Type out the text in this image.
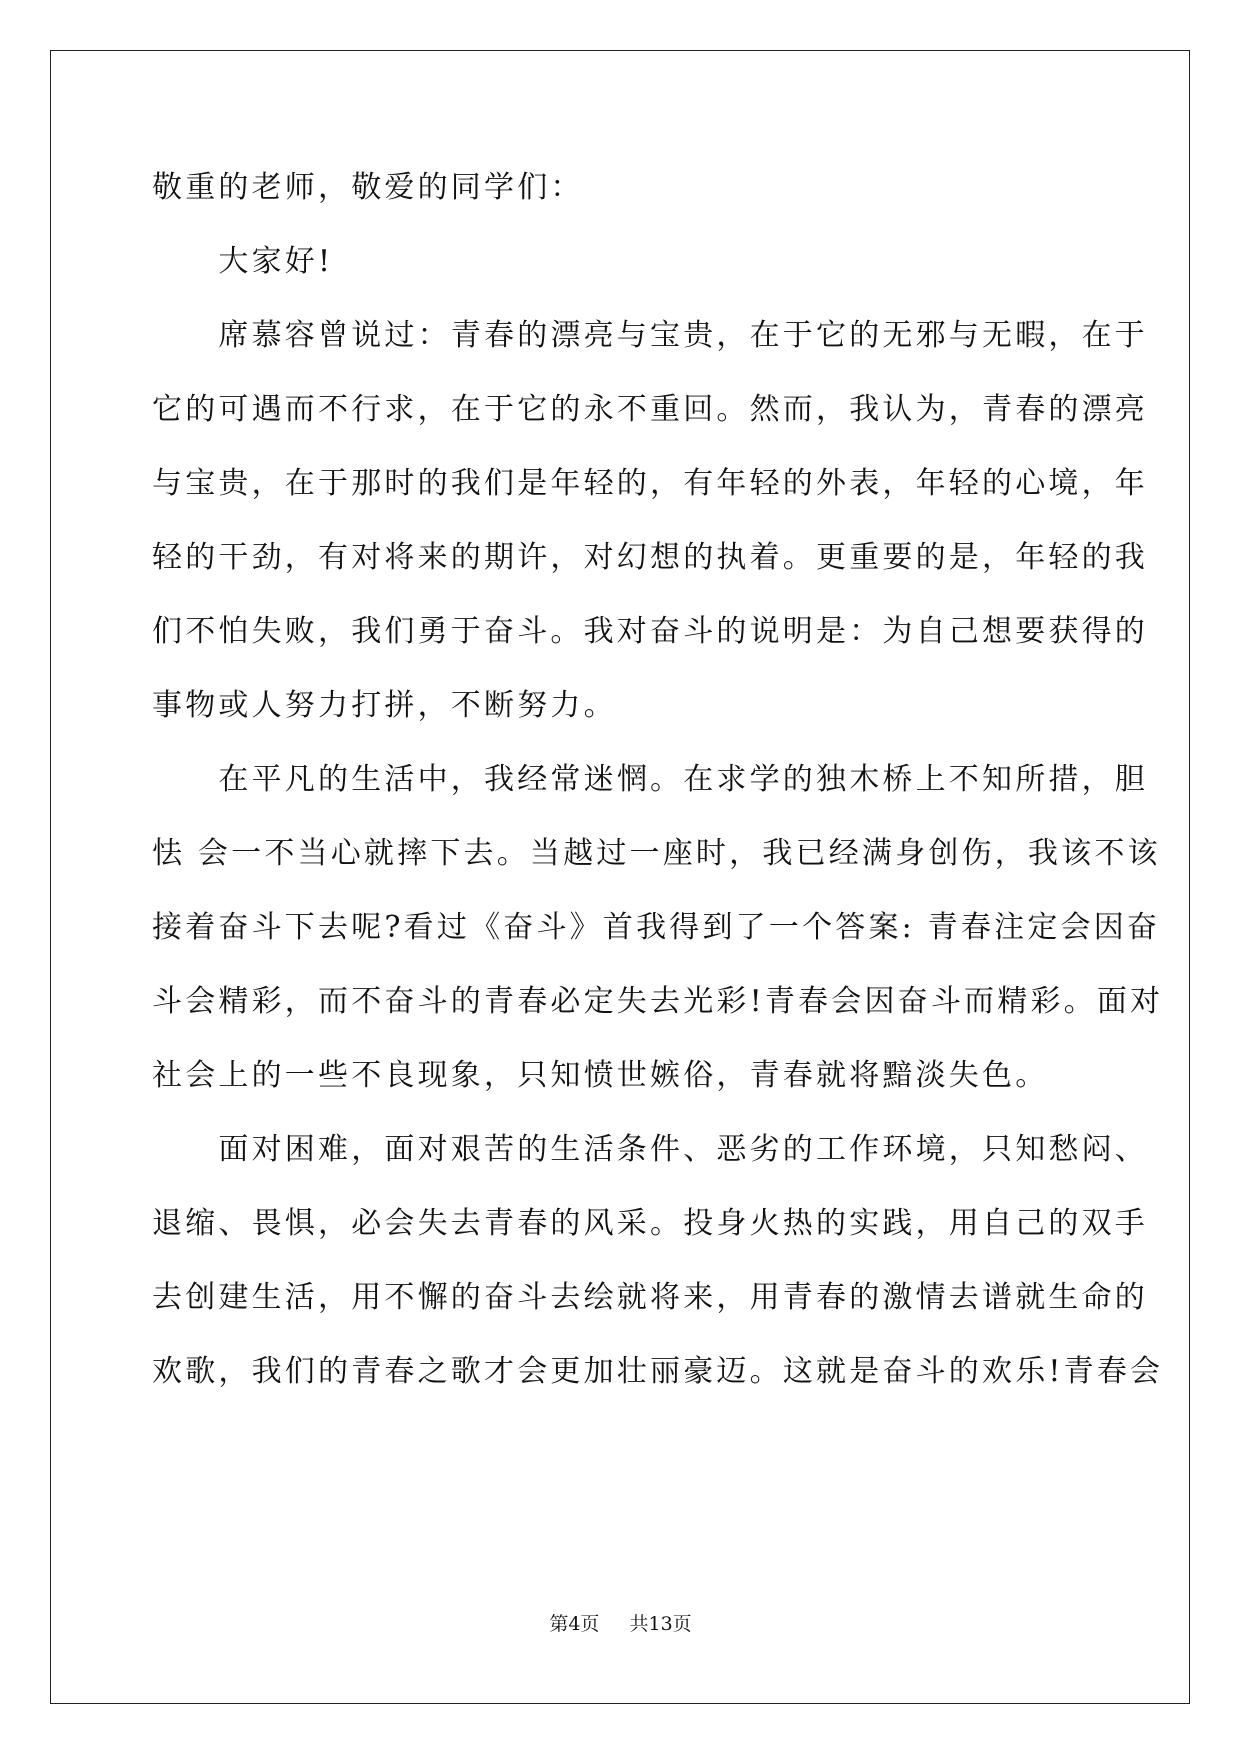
敬重的老师，敬爱的同学们：
　　大家好!
　　席慕容曾说过：青春的漂亮与宝贵，在于它的无邪与无暇，在于
它的可遇而不行求，在于它的永不重回。然而，我认为，青春的漂亮
与宝贵，在于那时的我们是年轻的，有年轻的外表，年轻的心境，年
轻的干劲，有对将来的期许，对幻想的执着。更重要的是，年轻的我
们不怕失败，我们勇于奋斗。我对奋斗的说明是：为自己想要获得的
事物或人努力打拼，不断努力。
　　在平凡的生活中，我经常迷惘。在求学的独木桥上不知所措，胆
怯 会一不当心就摔下去。当越过一座时，我已经满身创伤，我该不该
接着奋斗下去呢?看过《奋斗》首我得到了一个答案: 青春注定会因奋
斗会精彩，而不奋斗的青春必定失去光彩!青春会因奋斗而精彩。面对
社会上的一些不良现象，只知愤世嫉俗，青春就将黯淡失色。
　　面对困难，面对艰苦的生活条件、恶劣的工作环境，只知愁闷、
退缩、畏惧，必会失去青春的风采。投身火热的实践，用自己的双手
去创建生活，用不懈的奋斗去绘就将来，用青春的激情去谱就生命的
欢歌，我们的青春之歌才会更加壮丽豪迈。这就是奋斗的欢乐!青春会
第4页 共13页
